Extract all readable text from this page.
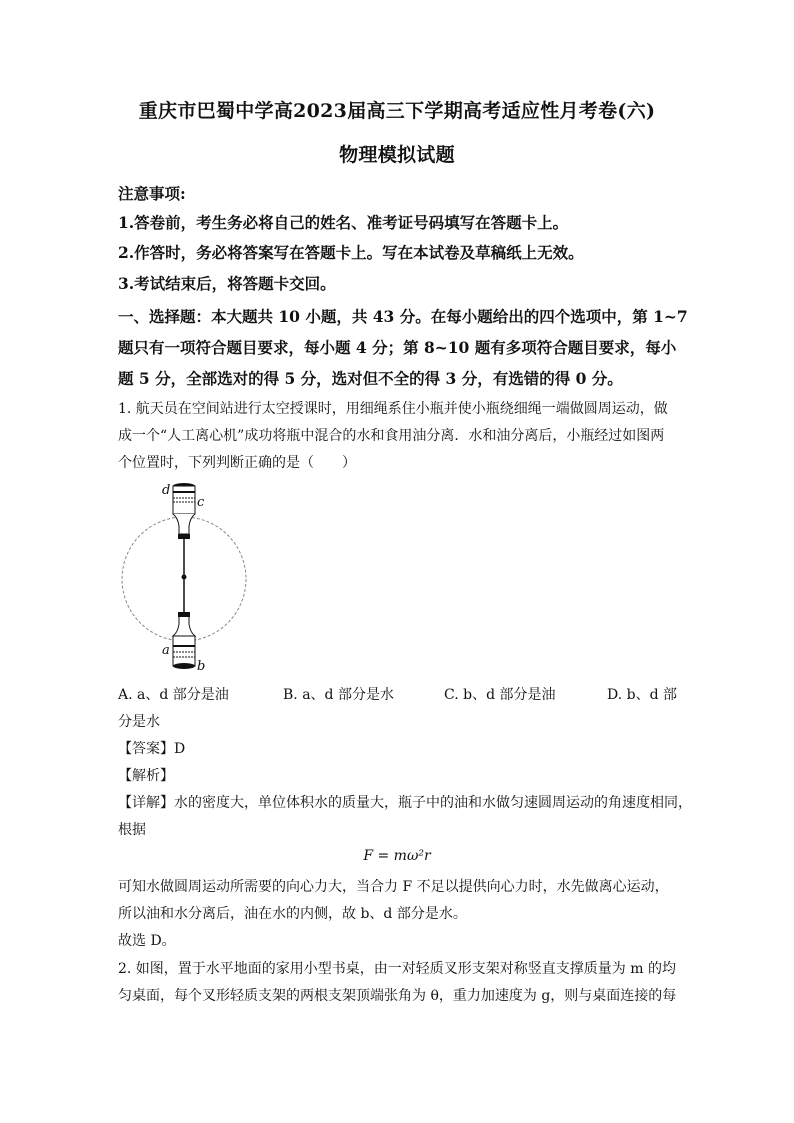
重庆市巴蜀中学高2023届高三下学期高考适应性月考卷(六)
物理模拟试题
注意事项:
1.答卷前，考生务必将自己的姓名、准考证号码填写在答题卡上。
2.作答时，务必将答案写在答题卡上。写在本试卷及草稿纸上无效。
3.考试结束后，将答题卡交回。
一、选择题：本大题共 10 小题，共 43 分。在每小题给出的四个选项中，第 1~7
题只有一项符合题目要求，每小题 4 分；第 8~10 题有多项符合题目要求，每小
题 5 分，全部选对的得 5 分，选对但不全的得 3 分，有选错的得 0 分。
1. 航天员在空间站进行太空授课时，用细绳系住小瓶并使小瓶绕细绳一端做圆周运动，做
成一个“人工离心机”成功将瓶中混合的水和食用油分离．水和油分离后，小瓶经过如图两
个位置时，下列判断正确的是（　　）
d
c
a
b
A. a、d 部分是油	B. a、d 部分是水	C. b、d 部分是油	D. b、d 部
分是水
【答案】D
【解析】
【详解】水的密度大，单位体积水的质量大，瓶子中的油和水做匀速圆周运动的角速度相同，
根据
F = mω²r
可知水做圆周运动所需要的向心力大，当合力 F 不足以提供向心力时，水先做离心运动，
所以油和水分离后，油在水的内侧，故 b、d 部分是水。
故选 D。
2. 如图，置于水平地面的家用小型书桌，由一对轻质叉形支架对称竖直支撑质量为 m 的均
匀桌面，每个叉形轻质支架的两根支架顶端张角为 θ，重力加速度为 g，则与桌面连接的每
